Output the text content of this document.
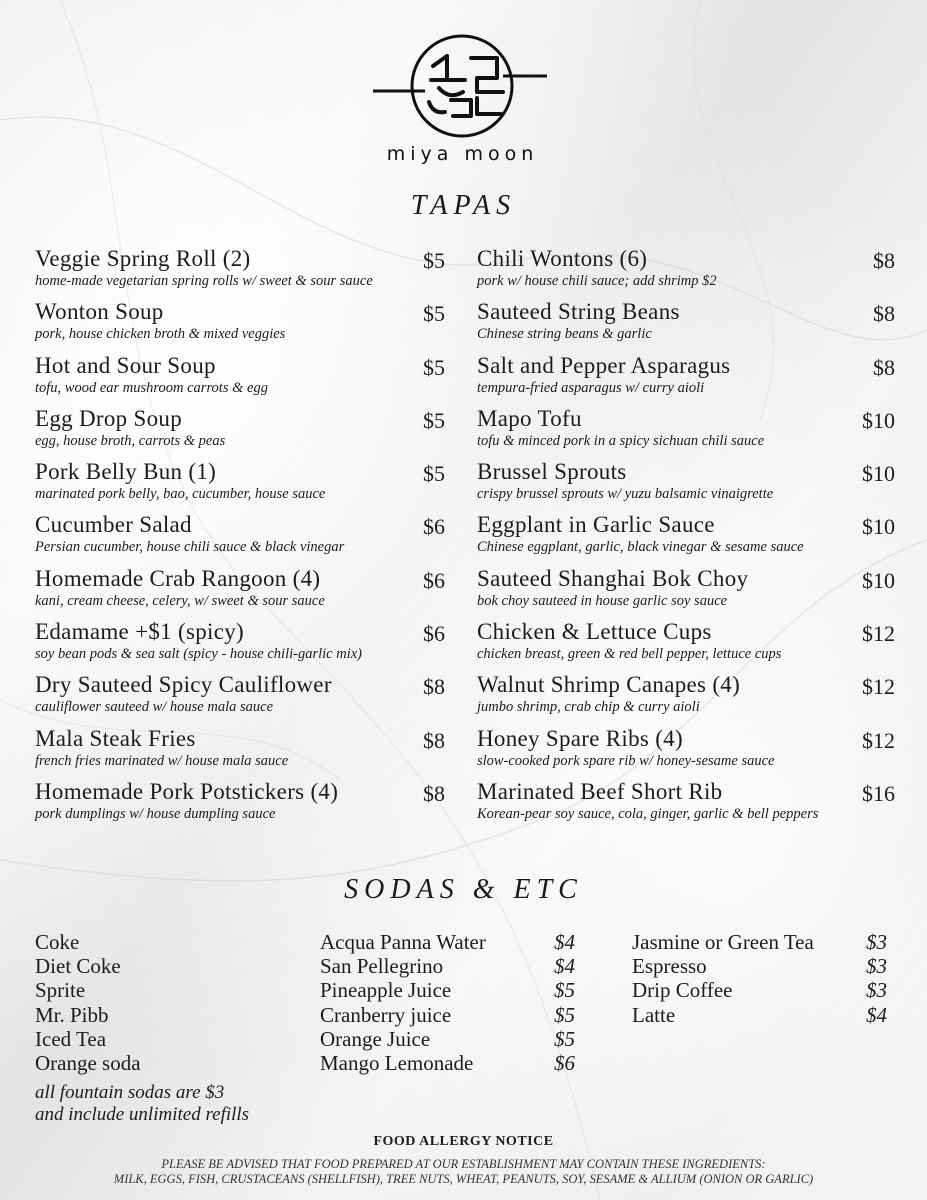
miya moon
TAPAS
Veggie Spring Roll (2)	$5
home-made vegetarian spring rolls w/ sweet & sour sauce
Wonton Soup	$5
pork, house chicken broth & mixed veggies
Hot and Sour Soup	$5
tofu, wood ear mushroom carrots & egg
Egg Drop Soup	$5
egg, house broth, carrots & peas
Pork Belly Bun (1)	$5
marinated pork belly, bao, cucumber, house sauce
Cucumber Salad	$6
Persian cucumber, house chili sauce & black vinegar
Homemade Crab Rangoon (4)	$6
kani, cream cheese, celery, w/ sweet & sour sauce
Edamame +$1 (spicy)	$6
soy bean pods & sea salt (spicy - house chili-garlic mix)
Dry Sauteed Spicy Cauliflower	$8
cauliflower sauteed w/ house mala sauce
Mala Steak Fries	$8
french fries marinated w/ house mala sauce
Homemade Pork Potstickers (4)	$8
pork dumplings w/ house dumpling sauce
Chili Wontons (6)	$8
pork w/ house chili sauce; add shrimp $2
Sauteed String Beans	$8
Chinese string beans & garlic
Salt and Pepper Asparagus	$8
tempura-fried asparagus w/ curry aioli
Mapo Tofu	$10
tofu & minced pork in a spicy sichuan chili sauce
Brussel Sprouts	$10
crispy brussel sprouts w/ yuzu balsamic vinaigrette
Eggplant in Garlic Sauce	$10
Chinese eggplant, garlic, black vinegar & sesame sauce
Sauteed Shanghai Bok Choy	$10
bok choy sauteed in house garlic soy sauce
Chicken & Lettuce Cups	$12
chicken breast, green & red bell pepper, lettuce cups
Walnut Shrimp Canapes (4)	$12
jumbo shrimp, crab chip & curry aioli
Honey Spare Ribs (4)	$12
slow-cooked pork spare rib w/ honey-sesame sauce
Marinated Beef Short Rib	$16
Korean-pear soy sauce, cola, ginger, garlic & bell peppers
SODAS & ETC
Coke
Diet Coke
Sprite
Mr. Pibb
Iced Tea
Orange soda
Acqua Panna Water	$4
San Pellegrino	$4
Pineapple Juice	$5
Cranberry juice	$5
Orange Juice	$5
Mango Lemonade	$6
Jasmine or Green Tea $3
Espresso	$3
Drip Coffee	$3
Latte	$4
all fountain sodas are $3
and include unlimited refills
FOOD ALLERGY NOTICE
PLEASE BE ADVISED THAT FOOD PREPARED AT OUR ESTABLISHMENT MAY CONTAIN THESE INGREDIENTS:
MILK, EGGS, FISH, CRUSTACEANS (SHELLFISH), TREE NUTS, WHEAT, PEANUTS, SOY, SESAME & ALLIUM (ONION OR GARLIC)
